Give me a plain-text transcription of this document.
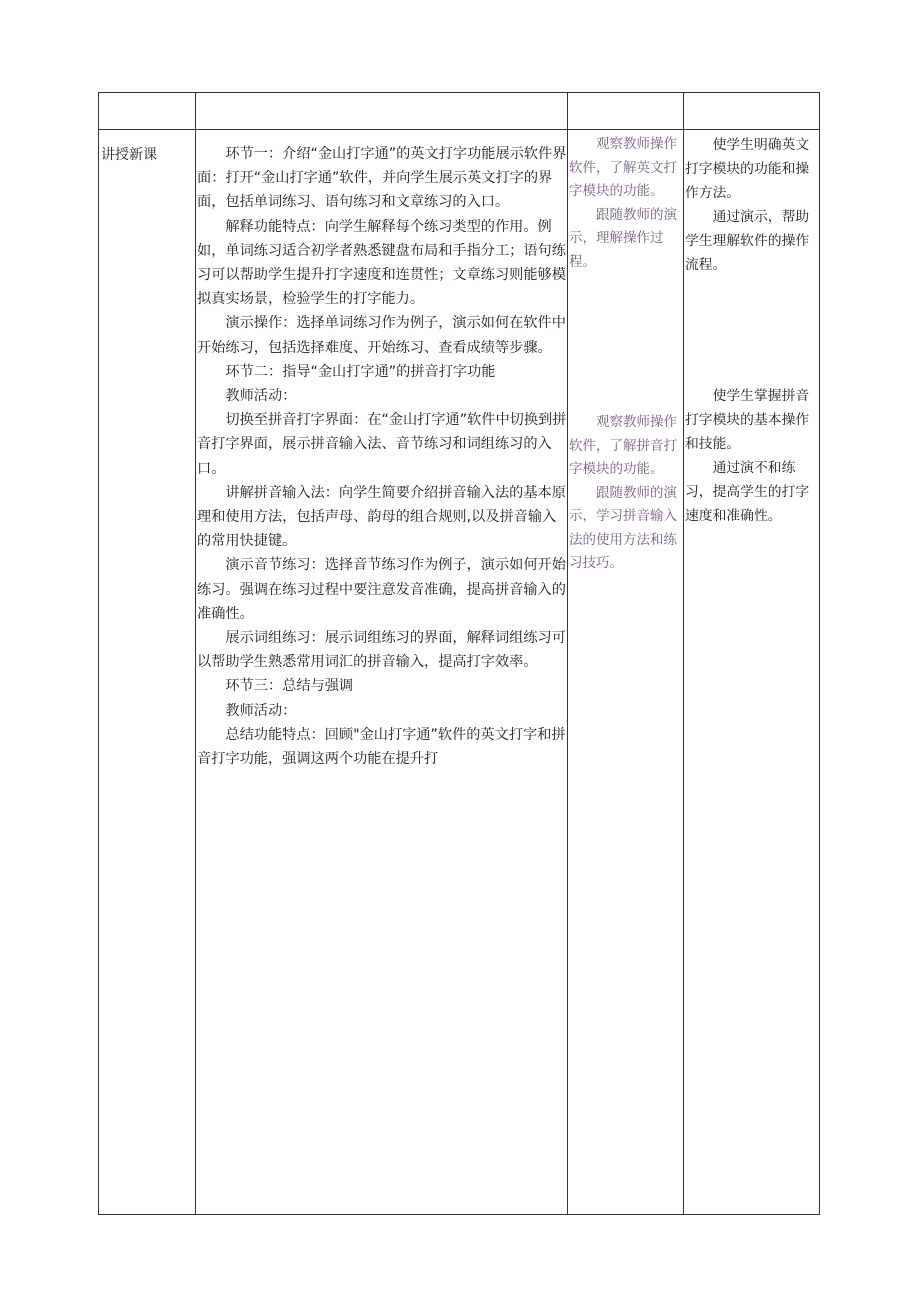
讲授新课	环节一：介绍“金山打字通”的英文打字功能展示软件界面：打开“金山打字通”软件，并向学生展示英文打字的界面，包括单词练习、语句练习和文章练习的入口。

解释功能特点：向学生解释每个练习类型的作用。例如，单词练习适合初学者熟悉键盘布局和手指分工；语句练习可以帮助学生提升打字速度和连贯性；文章练习则能够模拟真实场景，检验学生的打字能力。

演示操作：选择单词练习作为例子，演示如何在软件中开始练习，包括选择难度、开始练习、查看成绩等步骤。

环节二：指导“金山打字通”的拼音打字功能

教师活动：

切换至拼音打字界面：在“金山打字通”软件中切换到拼音打字界面，展示拼音输入法、音节练习和词组练习的入口。

讲解拼音输入法：向学生简要介绍拼音输入法的基本原理和使用方法，包括声母、韵母的组合规则,以及拼音输入的常用快捷键。

演示音节练习：选择音节练习作为例子，演示如何开始练习。强调在练习过程中要注意发音准确，提高拼音输入的准确性。

展示词组练习：展示词组练习的界面，解释词组练习可以帮助学生熟悉常用词汇的拼音输入，提高打字效率。

环节三：总结与强调

教师活动：

总结功能特点：回顾"金山打字通”软件的英文打字和拼音打字功能，强调这两个功能在提升打

观察教师操作软件，了解英文打字模块的功能。

跟随教师的演示，理解操作过程。

观察教师操作软件，了解拼音打字模块的功能。

跟随教师的演示，学习拼音输入法的使用方法和练习技巧。

使学生明确英文打字模块的功能和操作方法。

通过演示，帮助学生理解软件的操作流程。

使学生掌握拼音打字模块的基本操作和技能。

通过演不和练习，提高学生的打字速度和准确性。
